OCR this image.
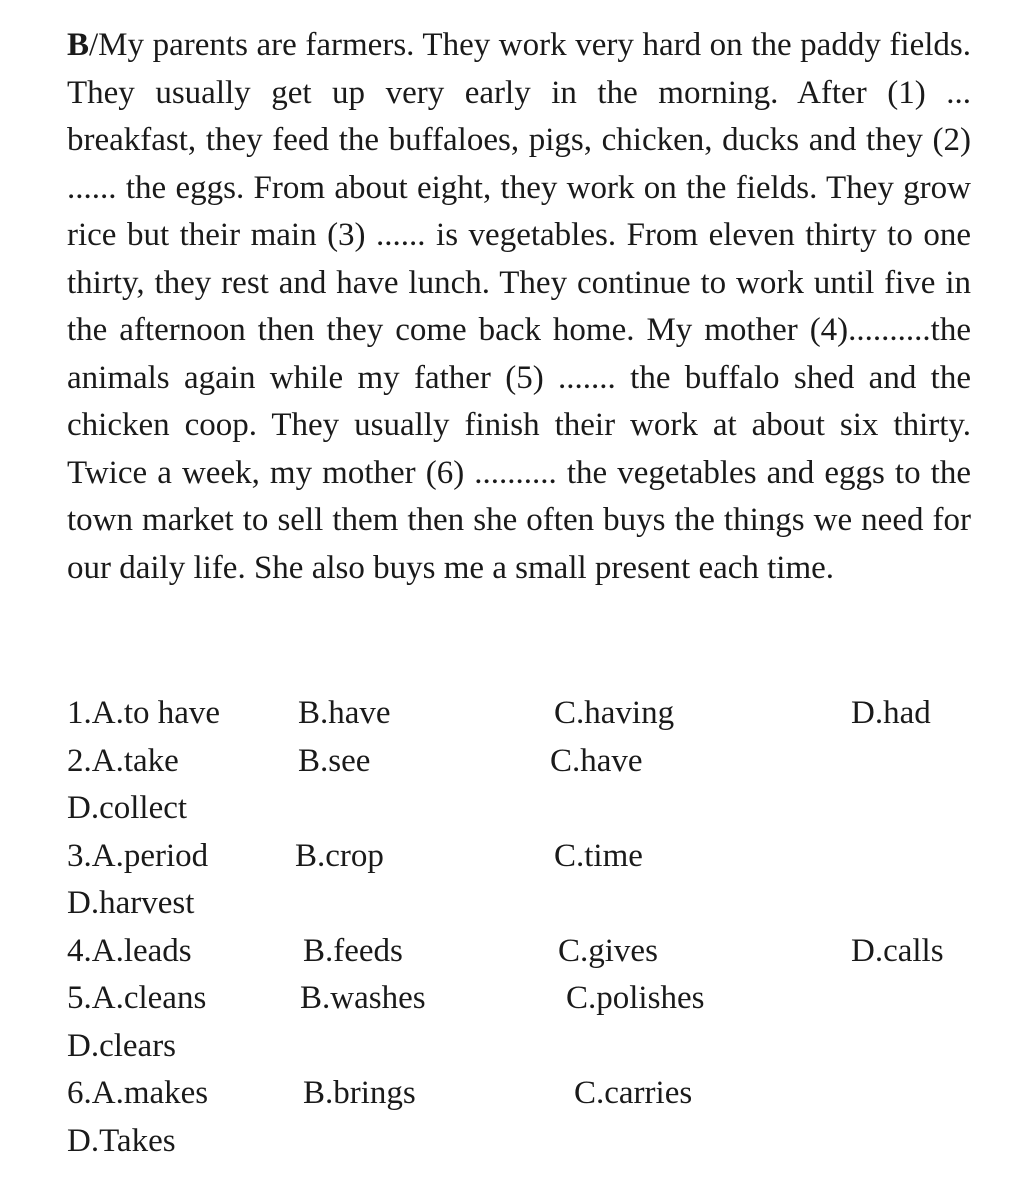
B/My parents are farmers. They work very hard on the paddy fields. They usually get up very early in the morning. After (1) ... breakfast, they feed the buffaloes, pigs, chicken, ducks and they (2) ...... the eggs. From about eight, they work on the fields. They grow rice but their main (3) ...... is vegetables. From eleven thirty to one thirty, they rest and have lunch. They continue to work until five in the afternoon then they come back home. My mother (4)..........the animals again while my father (5) ....... the buffalo shed and the chicken coop. They usually finish their work at about six thirty. Twice a week, my mother (6) .......... the vegetables and eggs to the town market to sell them then she often buys the things we need for our daily life. She also buys me a small present each time.

1.A.to have B.have	C.having	D.had
2.A.take	B.see	C.have
D.collect
3.A.period	B.crop	C.time
D.harvest
4.A.leads	B.feeds	C.gives	D.calls
5.A.cleans	B.washes	C.polishes
D.clears
6.A.makes	B.brings	C.carries
D.Takes
